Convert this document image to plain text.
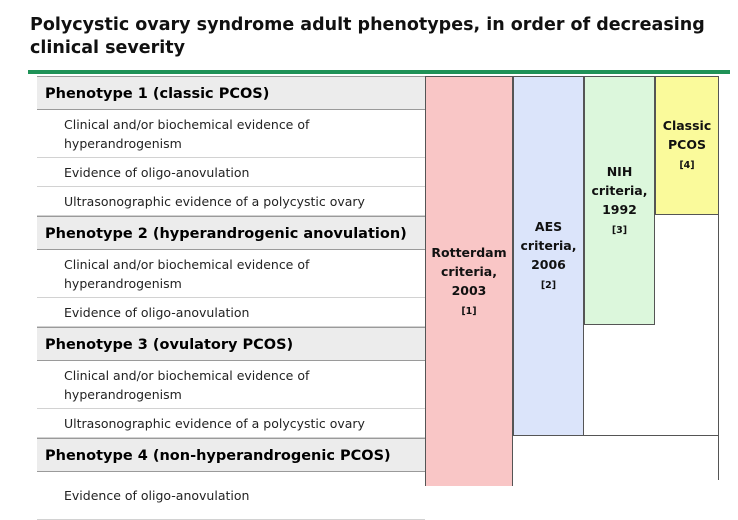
Polycystic ovary syndrome adult phenotypes, in order of decreasing clinical severity
Phenotype 1 (classic PCOS)
Clinical and/or biochemical evidence of hyperandrogenism
Evidence of oligo-anovulation
Ultrasonographic evidence of a polycystic ovary
Phenotype 2 (hyperandrogenic anovulation)
Clinical and/or biochemical evidence of hyperandrogenism
Evidence of oligo-anovulation
Phenotype 3 (ovulatory PCOS)
Clinical and/or biochemical evidence of hyperandrogenism
Ultrasonographic evidence of a polycystic ovary
Phenotype 4 (non-hyperandrogenic PCOS)
Evidence of oligo-anovulation
Rotterdam criteria, 2003
[1]
AES criteria, 2006
[2]
NIH criteria, 1992
[3]
Classic PCOS
[4]
